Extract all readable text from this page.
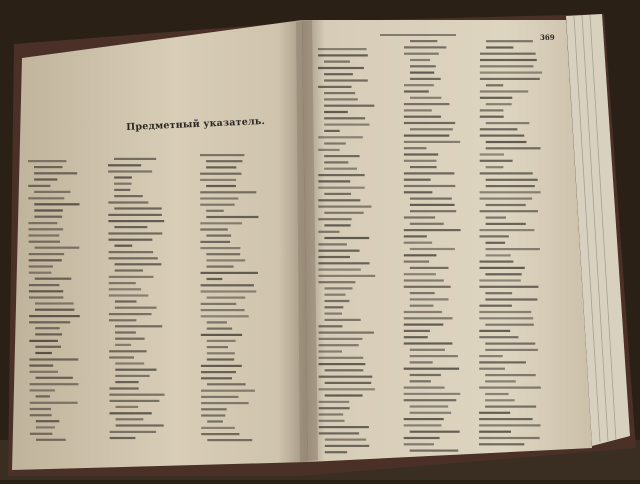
Предметный указатель.
369
